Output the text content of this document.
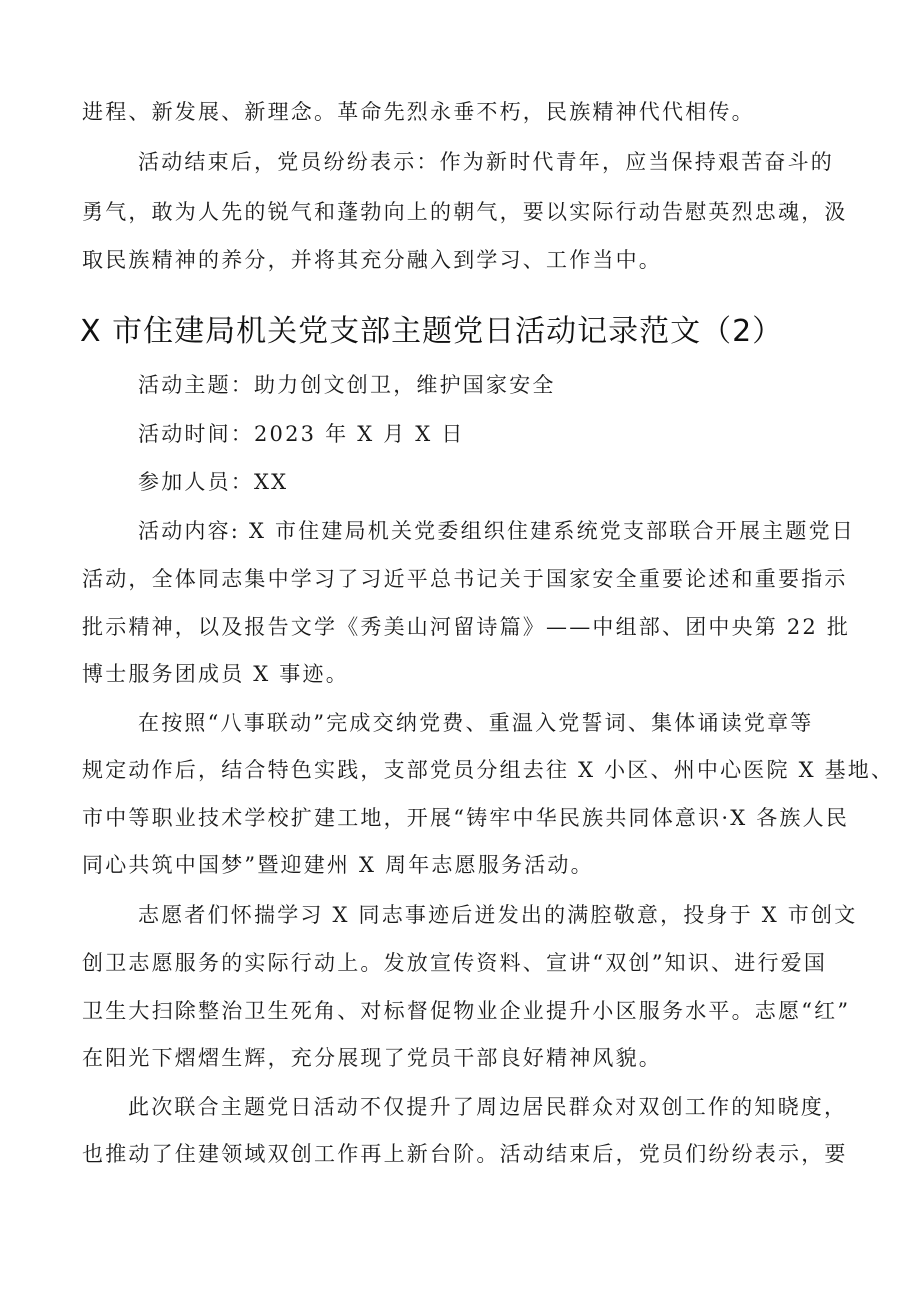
进程、新发展、新理念。革命先烈永垂不朽，民族精神代代相传。
活动结束后，党员纷纷表示：作为新时代青年，应当保持艰苦奋斗的
勇气，敢为人先的锐气和蓬勃向上的朝气，要以实际行动告慰英烈忠魂，汲
取民族精神的养分，并将其充分融入到学习、工作当中。
X 市住建局机关党支部主题党日活动记录范文（2）
活动主题：助力创文创卫，维护国家安全
活动时间：2023 年 X 月 X 日
参加人员：XX
活动内容: X 市住建局机关党委组织住建系统党支部联合开展主题党日
活动，全体同志集中学习了习近平总书记关于国家安全重要论述和重要指示
批示精神，以及报告文学《秀美山河留诗篇》——中组部、团中央第 22 批
博士服务团成员 X 事迹。
在按照“八事联动”完成交纳党费、重温入党誓词、集体诵读党章等
规定动作后，结合特色实践，支部党员分组去往 X 小区、州中心医院 X 基地、
市中等职业技术学校扩建工地，开展“铸牢中华民族共同体意识·X 各族人民
同心共筑中国梦”暨迎建州 X 周年志愿服务活动。
志愿者们怀揣学习 X 同志事迹后迸发出的满腔敬意，投身于 X 市创文
创卫志愿服务的实际行动上。发放宣传资料、宣讲“双创”知识、进行爱国
卫生大扫除整治卫生死角、对标督促物业企业提升小区服务水平。志愿“红”
在阳光下熠熠生辉，充分展现了党员干部良好精神风貌。
此次联合主题党日活动不仅提升了周边居民群众对双创工作的知晓度，
也推动了住建领域双创工作再上新台阶。活动结束后，党员们纷纷表示，要
